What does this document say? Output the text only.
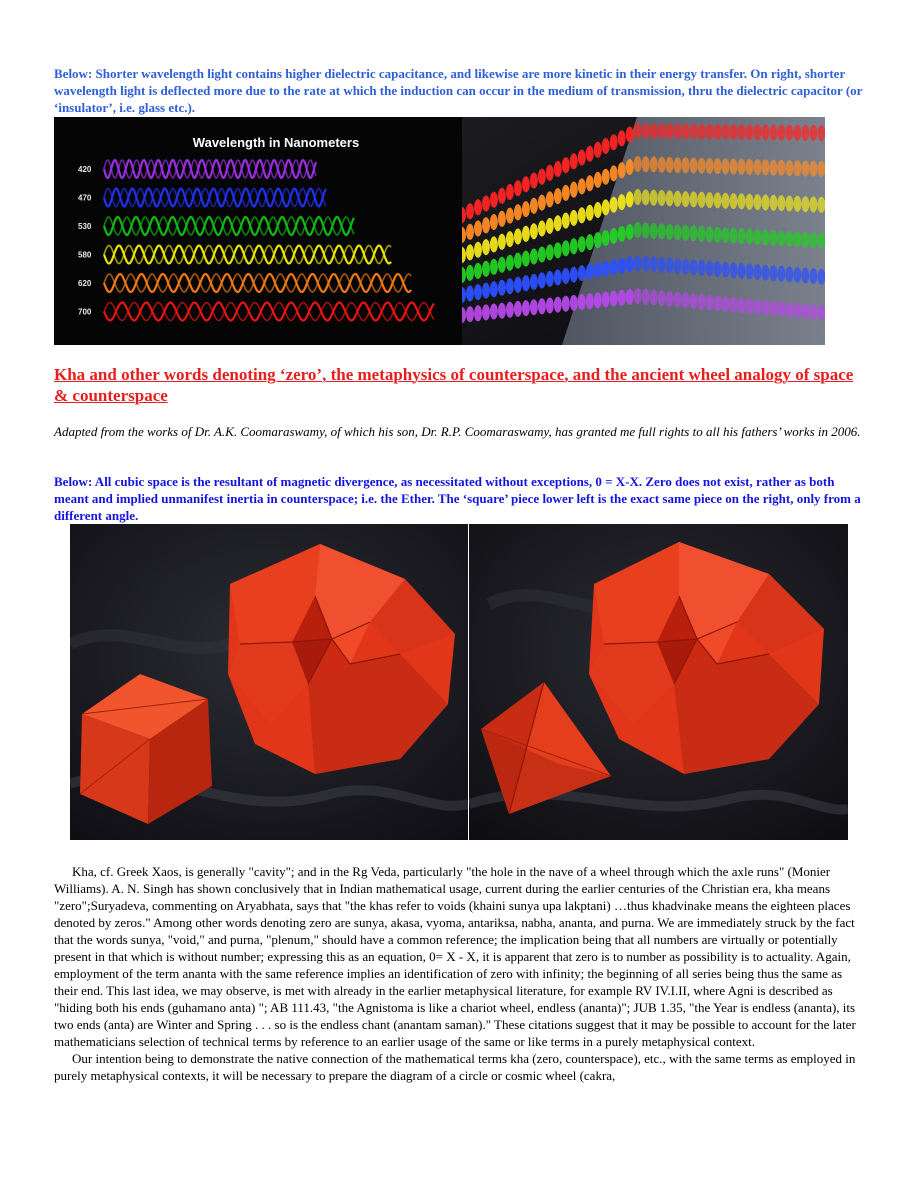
Below: Shorter wavelength light contains higher dielectric capacitance, and likewise are more kinetic in their energy transfer. On right, shorter wavelength light is deflected more due to the rate at which the induction can occur in the medium of transmission, thru the dielectric capacitor (or ‘insulator’, i.e. glass etc.).
Wavelength in Nanometers
420
470
530
580
620
700
Kha and other words denoting ‘zero’, the metaphysics of counterspace, and the ancient wheel analogy of space & counterspace
Adapted from the works of Dr. A.K. Coomaraswamy, of which his son, Dr. R.P. Coomaraswamy, has granted me full rights to all his fathers’ works in 2006.
Below: All cubic space is the resultant of magnetic divergence, as necessitated without exceptions, 0 = X-X. Zero does not exist, rather as both meant and implied unmanifest inertia in counterspace; i.e. the Ether. The ‘square’ piece lower left is the exact same piece on the right, only from a different angle.

Kha, cf. Greek Xaos, is generally "cavity"; and in the Rg Veda, particularly "the hole in the nave of a wheel through which the axle runs" (Monier Williams). A. N. Singh has shown conclusively that in Indian mathematical usage, current during the earlier centuries of the Christian era, kha means "zero";Suryadeva, commenting on Aryabhata, says that "the khas refer to voids (khaini sunya upa lakptani) …thus khadvinake means the eighteen places denoted by zeros." Among other words denoting zero are sunya, akasa, vyoma, antariksa, nabha, ananta, and purna. We are immediately struck by the fact that the words sunya, "void," and purna, "plenum," should have a common reference; the implication being that all numbers are virtually or potentially present in that which is without number; expressing this as an equation, 0= X - X, it is apparent that zero is to number as possibility is to actuality. Again, employment of the term ananta with the same reference implies an identification of zero with infinity; the beginning of all series being thus the same as their end. This last idea, we may observe, is met with already in the earlier metaphysical literature, for example RV IV.I.II, where Agni is described as "hiding both his ends (guhamano anta) "; AB 111.43, "the Agnistoma is like a chariot wheel, endless (ananta)"; JUB 1.35, "the Year is endless (ananta), its two ends (anta) are Winter and Spring . . . so is the endless chant (anantam saman)." These citations suggest that it may be possible to account for the later mathematicians selection of technical terms by reference to an earlier usage of the same or like terms in a purely metaphysical context.

Our intention being to demonstrate the native connection of the mathematical terms kha (zero, counterspace), etc., with the same terms as employed in purely metaphysical contexts, it will be necessary to prepare the diagram of a circle or cosmic wheel (cakra,
